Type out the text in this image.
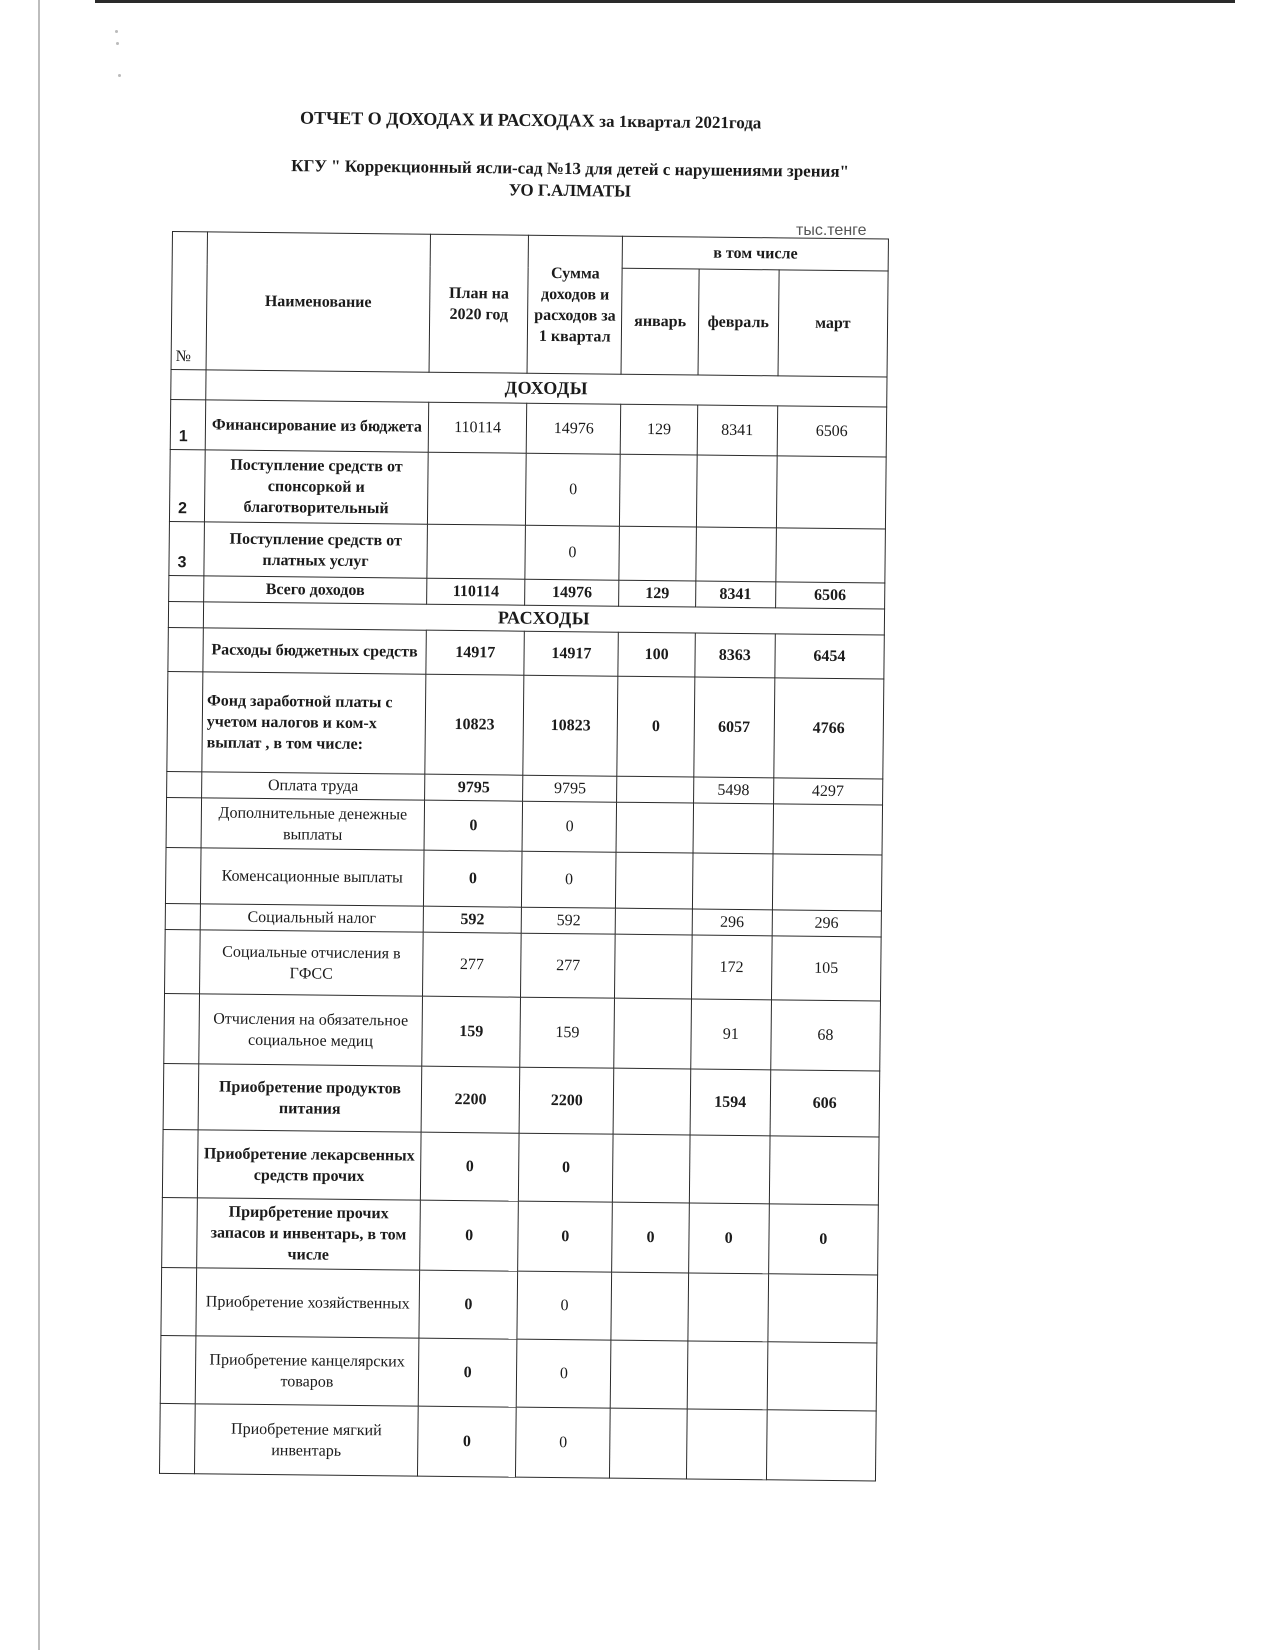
ОТЧЕТ О ДОХОДАХ И РАСХОДАХ за 1квартал 2021года
КГУ " Коррекционный ясли-сад №13 для детей с нарушениями зрения"
УО Г.АЛМАТЫ
тыс.тенге
№	Наименование	План на 2020 год	Сумма доходов и расходов за 1 квартал	в том числе		
				январь	февраль	март
	ДОХОДЫ					
1	Финансирование из бюджета	110114	14976	129	8341	6506
2	Поступление средств от спонсоркой и благотворительный		0			
3	Поступление средств от платных услуг		0			
	Всего доходов	110114	14976	129	8341	6506
	РАСХОДЫ					
	Расходы бюджетных средств	14917	14917	100	8363	6454
	Фонд заработной платы с учетом налогов и ком-х выплат , в том числе:	10823	10823	0	6057	4766
	Оплата труда	9795	9795		5498	4297
	Дополнительные денежные выплаты	0	0			
	Коменсационные выплаты	0	0			
	Социальный налог	592	592		296	296
	Социальные отчисления в ГФСС	277	277		172	105
	Отчисления на обязательное социальное медиц	159	159		91	68
	Приобретение продуктов питания	2200	2200		1594	606
	Приобретение лекарсвенных средств прочих	0	0			
	Прирбретение прочих запасов и инвентарь, в том числе	0	0	0	0	0
	Приобретение хозяйственных	0	0			
	Приобретение канцелярских товаров	0	0			
	Приобретение мягкий инвентарь	0	0			
